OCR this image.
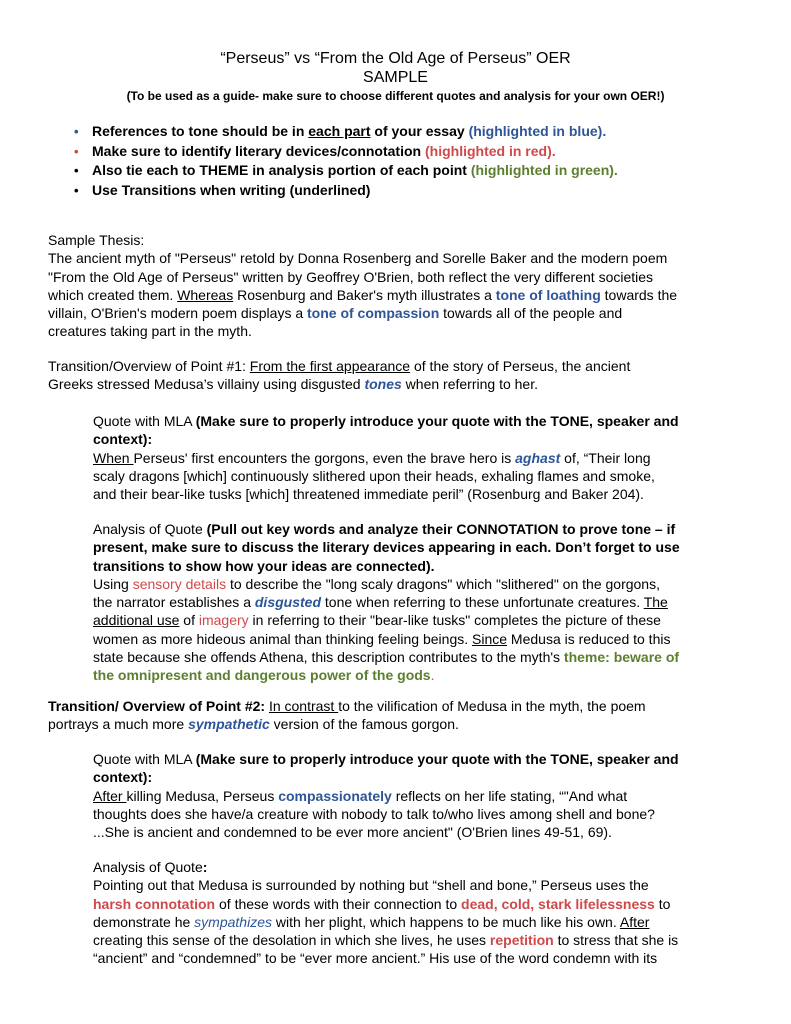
“Perseus” vs “From the Old Age of Perseus” OER
SAMPLE
(To be used as a guide- make sure to choose different quotes and analysis for your own OER!)
• References to tone should be in each part of your essay (highlighted in blue).
• Make sure to identify literary devices/connotation (highlighted in red).
• Also tie each to THEME in analysis portion of each point (highlighted in green).
• Use Transitions when writing (underlined)
Sample Thesis:
The ancient myth of "Perseus" retold by Donna Rosenberg and Sorelle Baker and the modern poem
"From the Old Age of Perseus" written by Geoffrey O'Brien, both reflect the very different societies
which created them. Whereas Rosenburg and Baker's myth illustrates a tone of loathing towards the
villain, O'Brien's modern poem displays a tone of compassion towards all of the people and
creatures taking part in the myth.
Transition/Overview of Point #1: From the first appearance of the story of Perseus, the ancient
Greeks stressed Medusa’s villainy using disgusted tones when referring to her.
Quote with MLA (Make sure to properly introduce your quote with the TONE, speaker and
context):
When Perseus' first encounters the gorgons, even the brave hero is aghast of, “Their long
scaly dragons [which] continuously slithered upon their heads, exhaling flames and smoke,
and their bear-like tusks [which] threatened immediate peril” (Rosenburg and Baker 204).
Analysis of Quote (Pull out key words and analyze their CONNOTATION to prove tone – if
present, make sure to discuss the literary devices appearing in each. Don’t forget to use
transitions to show how your ideas are connected).
Using sensory details to describe the "long scaly dragons" which "slithered" on the gorgons,
the narrator establishes a disgusted tone when referring to these unfortunate creatures. The
additional use of imagery in referring to their "bear-like tusks" completes the picture of these
women as more hideous animal than thinking feeling beings. Since Medusa is reduced to this
state because she offends Athena, this description contributes to the myth's theme: beware of
the omnipresent and dangerous power of the gods.
Transition/ Overview of Point #2: In contrast to the vilification of Medusa in the myth, the poem
portrays a much more sympathetic version of the famous gorgon.
Quote with MLA (Make sure to properly introduce your quote with the TONE, speaker and
context):
After killing Medusa, Perseus compassionately reflects on her life stating, “"And what
thoughts does she have/a creature with nobody to talk to/who lives among shell and bone?
...She is ancient and condemned to be ever more ancient" (O'Brien lines 49-51, 69).
Analysis of Quote:
Pointing out that Medusa is surrounded by nothing but “shell and bone,” Perseus uses the
harsh connotation of these words with their connection to dead, cold, stark lifelessness to
demonstrate he sympathizes with her plight, which happens to be much like his own. After
creating this sense of the desolation in which she lives, he uses repetition to stress that she is
“ancient” and “condemned” to be “ever more ancient.” His use of the word condemn with its
